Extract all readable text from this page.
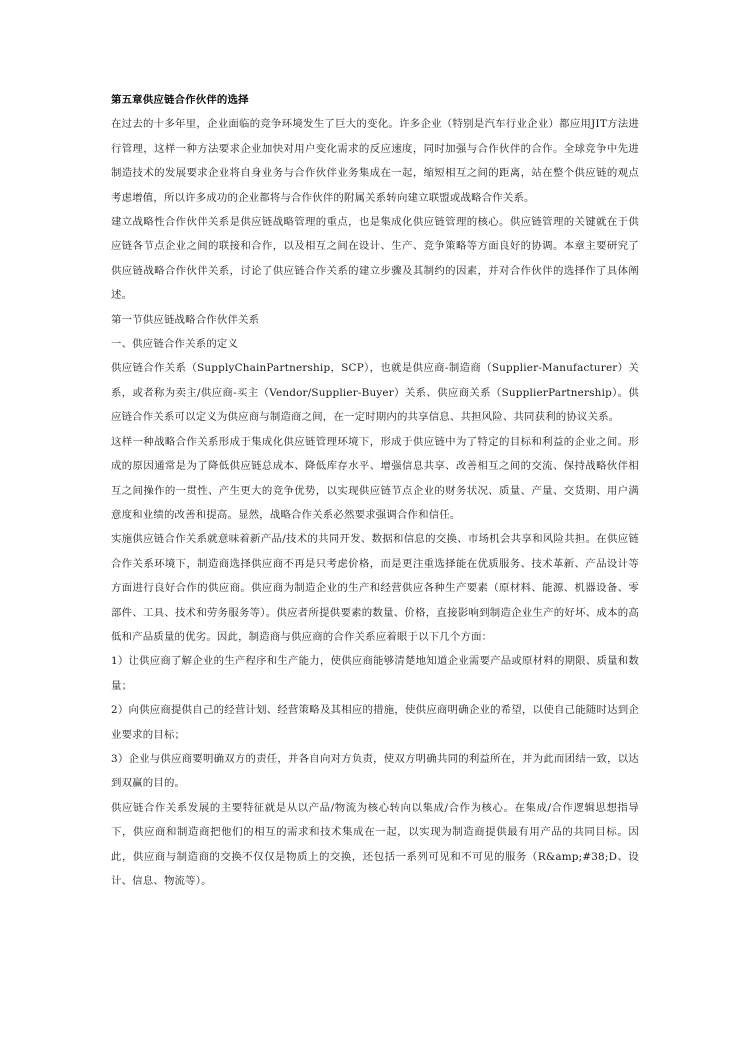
第五章供应链合作伙伴的选择

在过去的十多年里，企业面临的竞争环境发生了巨大的变化。许多企业（特别是汽车行业企业）都应用JIT方法进行管理，这样一种方法要求企业加快对用户变化需求的反应速度，同时加强与合作伙伴的合作。全球竞争中先进制造技术的发展要求企业将自身业务与合作伙伴业务集成在一起，缩短相互之间的距离，站在整个供应链的观点考虑增值，所以许多成功的企业都将与合作伙伴的附属关系转向建立联盟或战略合作关系。

建立战略性合作伙伴关系是供应链战略管理的重点，也是集成化供应链管理的核心。供应链管理的关键就在于供应链各节点企业之间的联接和合作，以及相互之间在设计、生产、竞争策略等方面良好的协调。本章主要研究了供应链战略合作伙伴关系，讨论了供应链合作关系的建立步骤及其制约的因素，并对合作伙伴的选择作了具体阐述。

第一节供应链战略合作伙伴关系

一、供应链合作关系的定义

供应链合作关系（SupplyChainPartnership，SCP），也就是供应商-制造商（Supplier-Manufacturer）关系，或者称为卖主/供应商-买主（Vendor/Supplier-Buyer）关系、供应商关系（SupplierPartnership）。供应链合作关系可以定义为供应商与制造商之间，在一定时期内的共享信息、共担风险、共同获利的协议关系。

这样一种战略合作关系形成于集成化供应链管理环境下，形成于供应链中为了特定的目标和利益的企业之间。形成的原因通常是为了降低供应链总成本、降低库存水平、增强信息共享、改善相互之间的交流、保持战略伙伴相互之间操作的一贯性、产生更大的竞争优势，以实现供应链节点企业的财务状况、质量、产量、交货期、用户满意度和业绩的改善和提高。显然，战略合作关系必然要求强调合作和信任。

实施供应链合作关系就意味着新产品/技术的共同开发、数据和信息的交换、市场机会共享和风险共担。在供应链合作关系环境下，制造商选择供应商不再是只考虑价格，而是更注重选择能在优质服务、技术革新、产品设计等方面进行良好合作的供应商。供应商为制造企业的生产和经营供应各种生产要素（原材料、能源、机器设备、零部件、工具、技术和劳务服务等）。供应者所提供要素的数量、价格，直接影响到制造企业生产的好坏、成本的高低和产品质量的优劣。因此，制造商与供应商的合作关系应着眼于以下几个方面：

1）让供应商了解企业的生产程序和生产能力，使供应商能够清楚地知道企业需要产品或原材料的期限、质量和数量；

2）向供应商提供自己的经营计划、经营策略及其相应的措施，使供应商明确企业的希望，以使自己能随时达到企业要求的目标；

3）企业与供应商要明确双方的责任，并各自向对方负责，使双方明确共同的利益所在，并为此而团结一致，以达到双赢的目的。

供应链合作关系发展的主要特征就是从以产品/物流为核心转向以集成/合作为核心。在集成/合作逻辑思想指导下，供应商和制造商把他们的相互的需求和技术集成在一起，以实现为制造商提供最有用产品的共同目标。因此，供应商与制造商的交换不仅仅是物质上的交换，还包括一系列可见和不可见的服务（R&amp;#38;D、设计、信息、物流等）。
